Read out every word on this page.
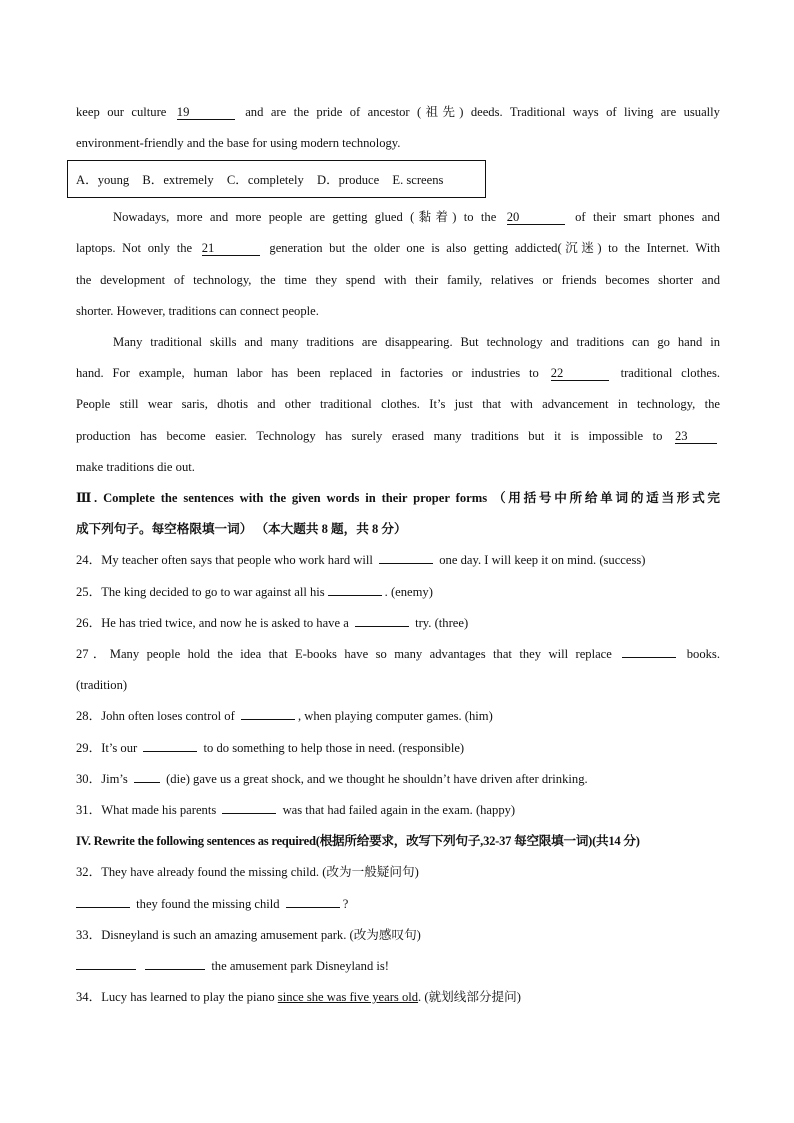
keep our culture 19	and are the pride of ancestor (祖先) deeds. Traditional ways of living are usually
environment-friendly and the base for using modern technology.
A．young B．extremely C．completely D．produce E. screens
Nowadays, more and more people are getting glued (黏着) to the 20	of their smart phones and
laptops. Not only the 21	generation but the older one is also getting addicted(沉迷) to the Internet. With
the development of technology, the time they spend with their family, relatives or friends becomes shorter and
shorter. However, traditions can connect people.
Many traditional skills and many traditions are disappearing. But technology and traditions can go hand in
hand. For example, human labor has been replaced in factories or industries to 22	traditional clothes.
People still wear saris, dhotis and other traditional clothes. It’s just that with advancement in technology, the
production has become easier. Technology has surely erased many traditions but it is impossible to 23
make traditions die out.
Ⅲ. Complete the sentences with the given words in their proper forms （用括号中所给单词的适当形式完
成下列句子。每空格限填一词） （本大题共 8 题，共 8 分）
24．My teacher often says that people who work hard will	one day. I will keep it on mind. (success)
25．The king decided to go to war against all his	. (enemy)
26．He has tried twice, and now he is asked to have a	try. (three)
27．Many people hold the idea that E-books have so many advantages that they will replace	books.
(tradition)
28．John often loses control of	, when playing computer games. (him)
29．It’s our	to do something to help those in need. (responsible)
30．Jim’s	(die) gave us a great shock, and we thought he shouldn’t have driven after drinking.
31．What made his parents	was that had failed again in the exam. (happy)
IV. Rewrite the following sentences as required(根据所给要求，改写下列句子,32-37 每空限填一词)(共14 分)
32．They have already found the missing child. (改为一般疑问句)
they found the missing child	?
33．Disneyland is such an amazing amusement park. (改为感叹句)
the amusement park Disneyland is!
34．Lucy has learned to play the piano since she was five years old. (就划线部分提问)
